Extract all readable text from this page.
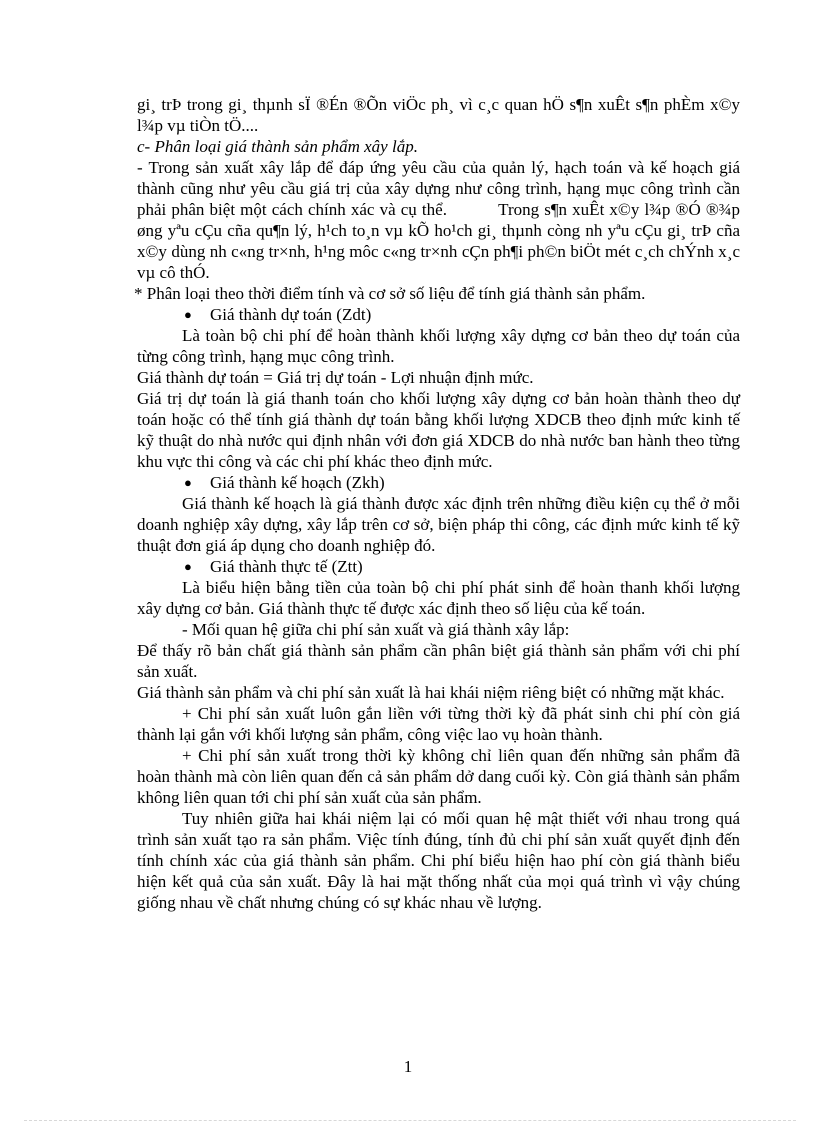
gi¸ trÞ trong gi¸ thµnh sÏ ®Én ®Õn viÖc ph¸ vì c¸c quan hÖ s¶n xuÊt s¶n phÈm x©y l¾p vµ tiÒn tÖ....

c- Phân loại giá thành sản phẩm xây lắp.

- Trong sản xuất xây lắp để đáp ứng yêu cầu của quản lý, hạch toán và kế hoạch giá thành cũng như yêu cầu giá trị của xây dựng như công trình, hạng mục công trình cần phải phân biệt một cách chính xác và cụ thể.	Trong s¶n xuÊt x©y l¾p ®Ó ®¾p øng yªu cÇu cña qu¶n lý, h¹ch to¸n vµ kÕ ho¹ch gi¸ thµnh còng nh yªu cÇu gi¸ trÞ cña x©y dùng nh c«ng tr×nh, h¹ng môc c«ng tr×nh cÇn ph¶i ph©n biÖt mét c¸ch chÝnh x¸c vµ cô thÓ.

* Phân loại theo thời điểm tính và cơ sở số liệu để tính giá thành sản phẩm.

● Giá thành dự toán (Zdt)

Là toàn bộ chi phí để hoàn thành khối lượng xây dựng cơ bản theo dự toán của từng công trình, hạng mục công trình.

Giá thành dự toán = Giá trị dự toán - Lợi nhuận định mức.

Giá trị dự toán là giá thanh toán cho khối lượng xây dựng cơ bản hoàn thành theo dự toán hoặc có thể tính giá thành dự toán bằng khối lượng XDCB theo định mức kinh tế kỹ thuật do nhà nước qui định nhân với đơn giá XDCB do nhà nước ban hành theo từng khu vực thi công và các chi phí khác theo định mức.

● Giá thành kế hoạch (Zkh)

Giá thành kế hoạch là giá thành được xác định trên những điều kiện cụ thể ở mỗi doanh nghiệp xây dựng, xây lắp trên cơ sở, biện pháp thi công, các định mức kinh tế kỹ thuật đơn giá áp dụng cho doanh nghiệp đó.

● Giá thành thực tế (Ztt)

Là biểu hiện bằng tiền của toàn bộ chi phí phát sinh để hoàn thanh khối lượng xây dựng cơ bản. Giá thành thực tế được xác định theo số liệu của kế toán.

- Mối quan hệ giữa chi phí sản xuất và giá thành xây lắp:

Để thấy rõ bản chất giá thành sản phẩm cần phân biệt giá thành sản phẩm với chi phí sản xuất.

Giá thành sản phẩm và chi phí sản xuất là hai khái niệm riêng biệt có những mặt khác.

+ Chi phí sản xuất luôn gắn liền với từng thời kỳ đã phát sinh chi phí còn giá thành lại gắn với khối lượng sản phẩm, công việc lao vụ hoàn thành.

+ Chi phí sản xuất trong thời kỳ không chỉ liên quan đến những sản phẩm đã hoàn thành mà còn liên quan đến cả sản phẩm dở dang cuối kỳ. Còn giá thành sản phẩm không liên quan tới chi phí sản xuất của sản phẩm.

Tuy nhiên giữa hai khái niệm lại có mối quan hệ mật thiết với nhau trong quá trình sản xuất tạo ra sản phẩm. Việc tính đúng, tính đủ chi phí sản xuất quyết định đến tính chính xác của giá thành sản phẩm. Chi phí biểu hiện hao phí còn giá thành biểu hiện kết quả của sản xuất. Đây là hai mặt thống nhất của mọi quá trình vì vậy chúng giống nhau về chất nhưng chúng có sự khác nhau về lượng.

1
